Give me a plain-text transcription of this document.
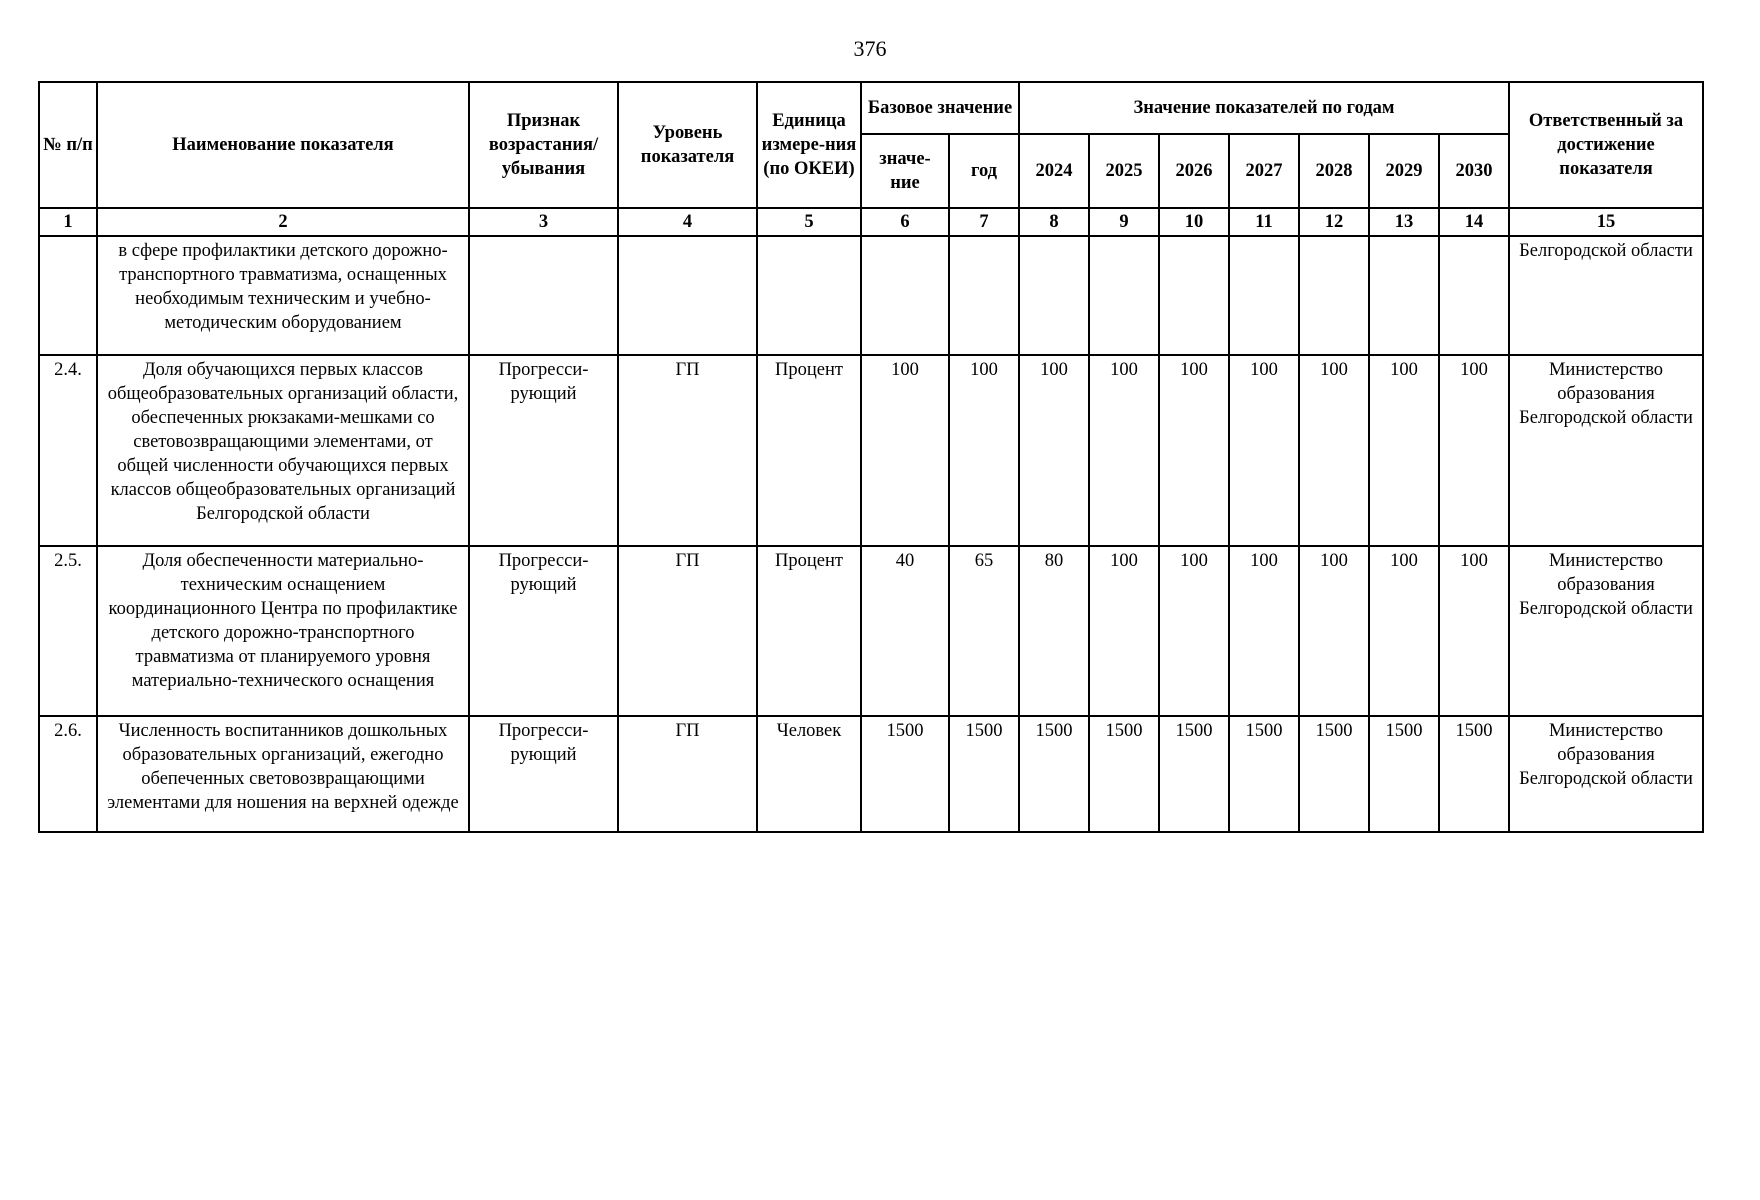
376
№ п/п	Наименование показателя	Признак возрастания/ убывания	Уровень показателя	Единица измере-ния (по ОКЕИ)	Базовое значение		Значение показателей по годам							Ответственный за достижение показателя
					значе-ние	год	2024	2025	2026	2027	2028	2029	2030	
1	2	3	4	5	6	7	8	9	10	11	12	13	14	15
	в сфере профилактики детского дорожно-транспортного травматизма, оснащенных необходимым техническим и учебно-методическим оборудованием													Белгородской области
2.4.	Доля обучающихся первых классов общеобразовательных организаций области, обеспеченных рюкзаками-мешками со световозвращающими элементами, от общей численности обучающихся первых классов общеобразовательных организаций Белгородской области	Прогресси-рующий	ГП	Процент	100	100	100	100	100	100	100	100	100	Министерство образования Белгородской области
2.5.	Доля обеспеченности материально-техническим оснащением координационного Центра по профилактике детского дорожно-транспортного травматизма от планируемого уровня материально-технического оснащения	Прогресси-рующий	ГП	Процент	40	65	80	100	100	100	100	100	100	Министерство образования Белгородской области
2.6.	Численность воспитанников дошкольных образовательных организаций, ежегодно обепеченных световозвращающими элементами для ношения на верхней одежде	Прогресси-рующий	ГП	Человек	1500	1500	1500	1500	1500	1500	1500	1500	1500	Министерство образования Белгородской области
